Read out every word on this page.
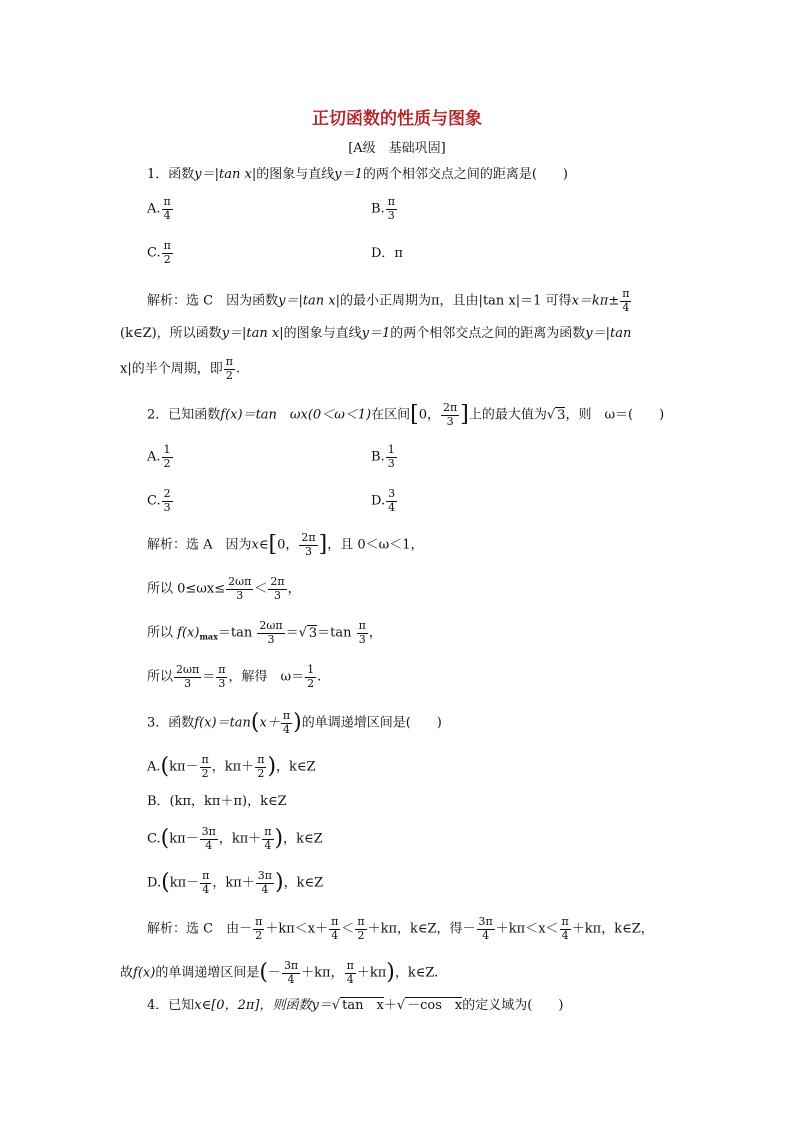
正切函数的性质与图象
[A级　基础巩固]
1．函数y＝|tan x|的图象与直线y＝1的两个相邻交点之间的距离是(　　)
A. $\frac{\pi}{4}$	B. $\frac{\pi}{3}$
C. $\frac{\pi}{2}$	D．π
解析：选 C　因为函数y＝|tan x|的最小正周期为π，且由|tan x|＝1 可得$x=k\pi\pm \frac{\pi}{4}$
(k∈Z)，所以函数y＝|tan x|的图象与直线y＝1的两个相邻交点之间的距离为函数y＝|tan
x|的半个周期，即 $\frac{\pi}{2}$ .
2．已知函数f(x)＝tan　ωx(0＜ω＜1)在区间[0， $\frac{2\pi}{3}$ ]上的最大值为√ 3，则　ω＝(　　)
A. $\frac{1}{2}$	B. $\frac{1}{3}$
C. $\frac{2}{3}$	D. $\frac{3}{4}$
解析：选 A　因为x∈[0， $\frac{2\pi}{3}$ ]，且 0＜ω＜1，
所以 $0\le\omega x\le \frac{2\omega\pi}{3} < \frac{2\pi}{3}$ ，
所以 $f(x)_{max}=\tan \frac{2\omega\pi}{3}$ ＝√ $3=\tan \frac{\pi}{3}$ ，
所以 $\frac{2\omega\pi}{3} = \frac{\pi}{3}$ ，解得　$\omega= \frac{1}{2}$ .
3．函数$f(x)=\tan(x+ \frac{\pi}{4}$ )的单调递增区间是(　　)
$A.(k\pi- \frac{\pi}{2}$ ，$k\pi+ \frac{\pi}{2}$ )，k∈Z
B．(kπ，kπ＋π)，k∈Z
$C.(k\pi- \frac{3\pi}{4}$ ，$k\pi+ \frac{\pi}{4}$ )，k∈Z
$D.(k\pi- \frac{\pi}{4}$ ，$k\pi+ \frac{3\pi}{4}$ )，k∈Z
解析：选 C　由－ $\frac{\pi}{2} +k\pi<x+ \frac{\pi}{4} < \frac{\pi}{2} +k\pi$，k∈Z，得－ $\frac{3\pi}{4} +k\pi<x< \frac{\pi}{4} +k\pi$，k∈Z，
故f(x)的单调递增区间是(－ $\frac{3\pi}{4} +k\pi$， $\frac{\pi}{4} +k\pi$)，k∈Z.
4．已知x∈[0，2π]，则函数y＝√ tan　x＋√ －cos　x的定义域为(　　)
